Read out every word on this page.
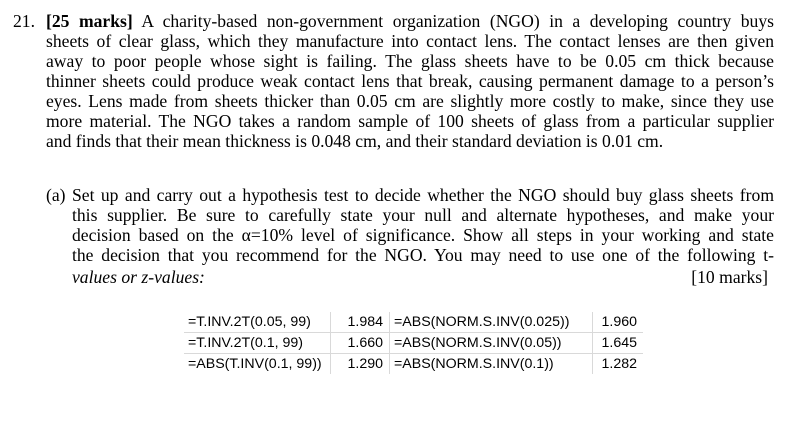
21. [25 marks] A charity-based non-government organization (NGO) in a developing country buys
sheets of clear glass, which they manufacture into contact lens. The contact lenses are then given
away to poor people whose sight is failing. The glass sheets have to be 0.05 cm thick because
thinner sheets could produce weak contact lens that break, causing permanent damage to a person’s
eyes. Lens made from sheets thicker than 0.05 cm are slightly more costly to make, since they use
more material. The NGO takes a random sample of 100 sheets of glass from a particular supplier
and finds that their mean thickness is 0.048 cm, and their standard deviation is 0.01 cm.
(a) Set up and carry out a hypothesis test to decide whether the NGO should buy glass sheets from
this supplier. Be sure to carefully state your null and alternate hypotheses, and make your
decision based on the α=10% level of significance. Show all steps in your working and state
the decision that you recommend for the NGO. You may need to use one of the following t-
values or z-values:	[10 marks]
=T.INV.2T(0.05, 99)	1.984	=ABS(NORM.S.INV(0.025))	1.960
=T.INV.2T(0.1, 99)	1.660	=ABS(NORM.S.INV(0.05))	1.645
=ABS(T.INV(0.1, 99))	1.290	=ABS(NORM.S.INV(0.1))	1.282
